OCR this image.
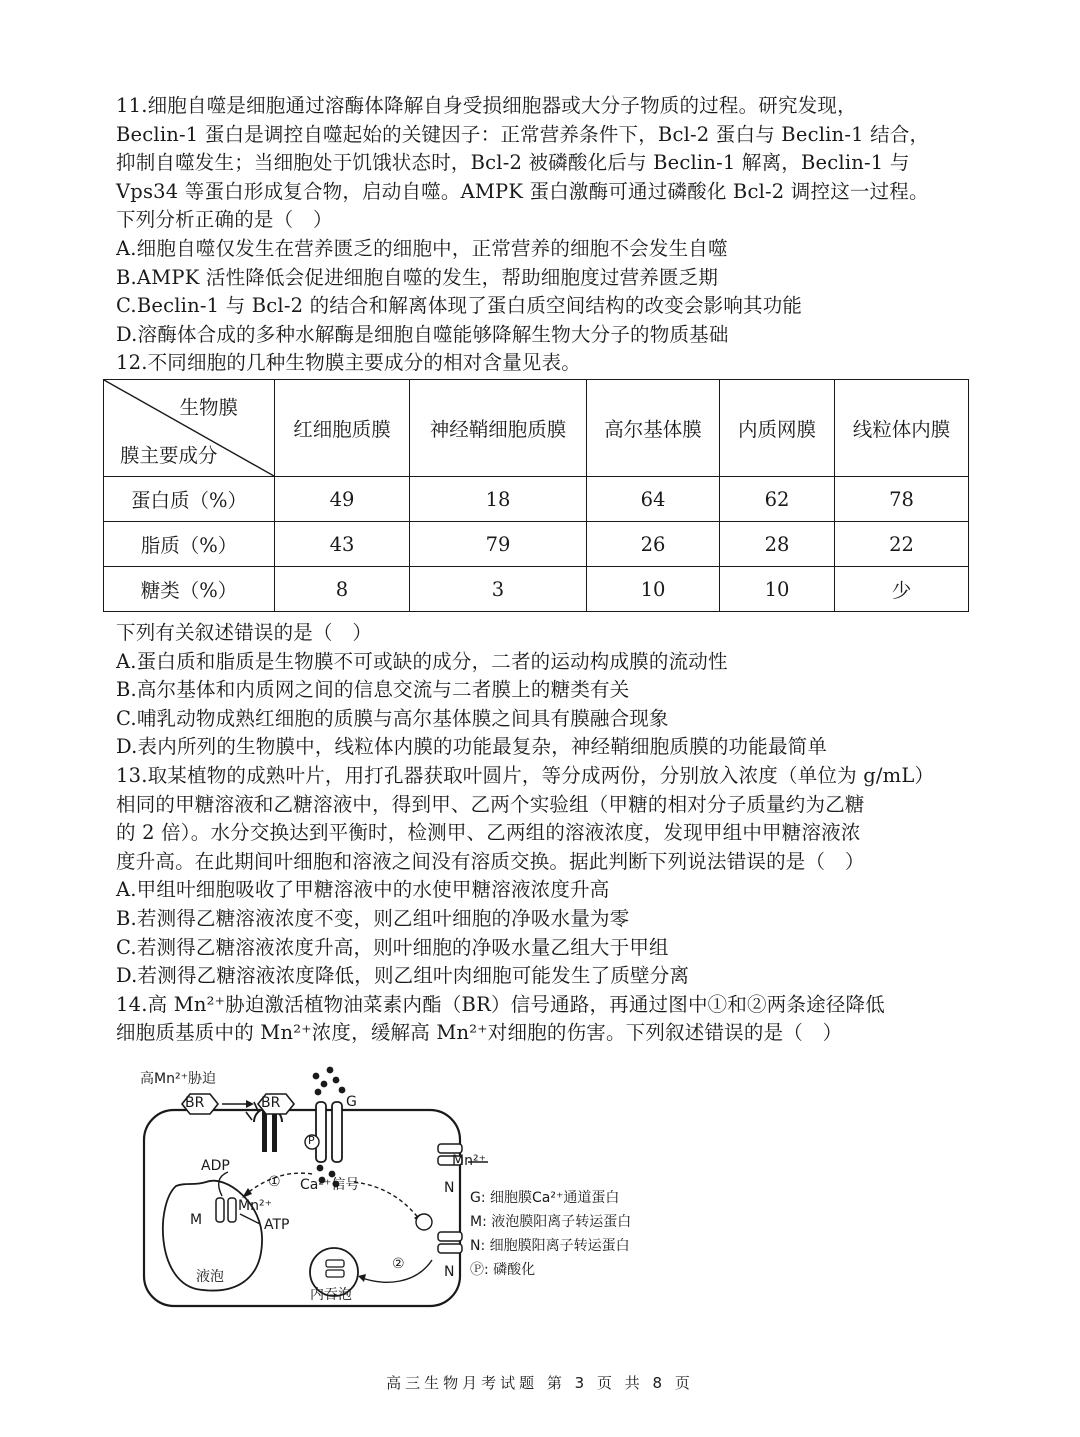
11.细胞自噬是细胞通过溶酶体降解自身受损细胞器或大分子物质的过程。研究发现，
Beclin-1 蛋白是调控自噬起始的关键因子：正常营养条件下，Bcl-2 蛋白与 Beclin-1 结合，
抑制自噬发生；当细胞处于饥饿状态时，Bcl-2 被磷酸化后与 Beclin-1 解离，Beclin-1 与
Vps34 等蛋白形成复合物，启动自噬。AMPK 蛋白激酶可通过磷酸化 Bcl-2 调控这一过程。
下列分析正确的是（　）
A.细胞自噬仅发生在营养匮乏的细胞中，正常营养的细胞不会发生自噬
B.AMPK 活性降低会促进细胞自噬的发生，帮助细胞度过营养匮乏期
C.Beclin-1 与 Bcl-2 的结合和解离体现了蛋白质空间结构的改变会影响其功能
D.溶酶体合成的多种水解酶是细胞自噬能够降解生物大分子的物质基础
12.不同细胞的几种生物膜主要成分的相对含量见表。
生物膜
膜主要成分	红细胞质膜	神经鞘细胞质膜	高尔基体膜	内质网膜	线粒体内膜
蛋白质（%）	49	18	64	62	78
脂质（%）	43	79	26	28	22
糖类（%）	8	3	10	10	少
下列有关叙述错误的是（　）
A.蛋白质和脂质是生物膜不可或缺的成分，二者的运动构成膜的流动性
B.高尔基体和内质网之间的信息交流与二者膜上的糖类有关
C.哺乳动物成熟红细胞的质膜与高尔基体膜之间具有膜融合现象
D.表内所列的生物膜中，线粒体内膜的功能最复杂，神经鞘细胞质膜的功能最简单
13.取某植物的成熟叶片，用打孔器获取叶圆片，等分成两份，分别放入浓度（单位为 g/mL）
相同的甲糖溶液和乙糖溶液中，得到甲、乙两个实验组（甲糖的相对分子质量约为乙糖
的 2 倍）。水分交换达到平衡时，检测甲、乙两组的溶液浓度，发现甲组中甲糖溶液浓
度升高。在此期间叶细胞和溶液之间没有溶质交换。据此判断下列说法错误的是（　）
A.甲组叶细胞吸收了甲糖溶液中的水使甲糖溶液浓度升高
B.若测得乙糖溶液浓度不变，则乙组叶细胞的净吸水量为零
C.若测得乙糖溶液浓度升高，则叶细胞的净吸水量乙组大于甲组
D.若测得乙糖溶液浓度降低，则乙组叶肉细胞可能发生了质壁分离
14.高 Mn²⁺胁迫激活植物油菜素内酯（BR）信号通路，再通过图中①和②两条途径降低
细胞质基质中的 Mn²⁺浓度，缓解高 Mn²⁺对细胞的伤害。下列叙述错误的是（　）
高Mn²⁺胁迫
BR	BR	G
P
ADP
M
Mn²⁺
ATP
Ca²⁺信号
①
②
Mn²⁺
N
N
液泡
内吞泡
G: 细胞膜Ca²⁺通道蛋白
M: 液泡膜阳离子转运蛋白
N: 细胞膜阳离子转运蛋白
Ⓟ: 磷酸化
高三生物月考试题 第 3 页 共 8 页
